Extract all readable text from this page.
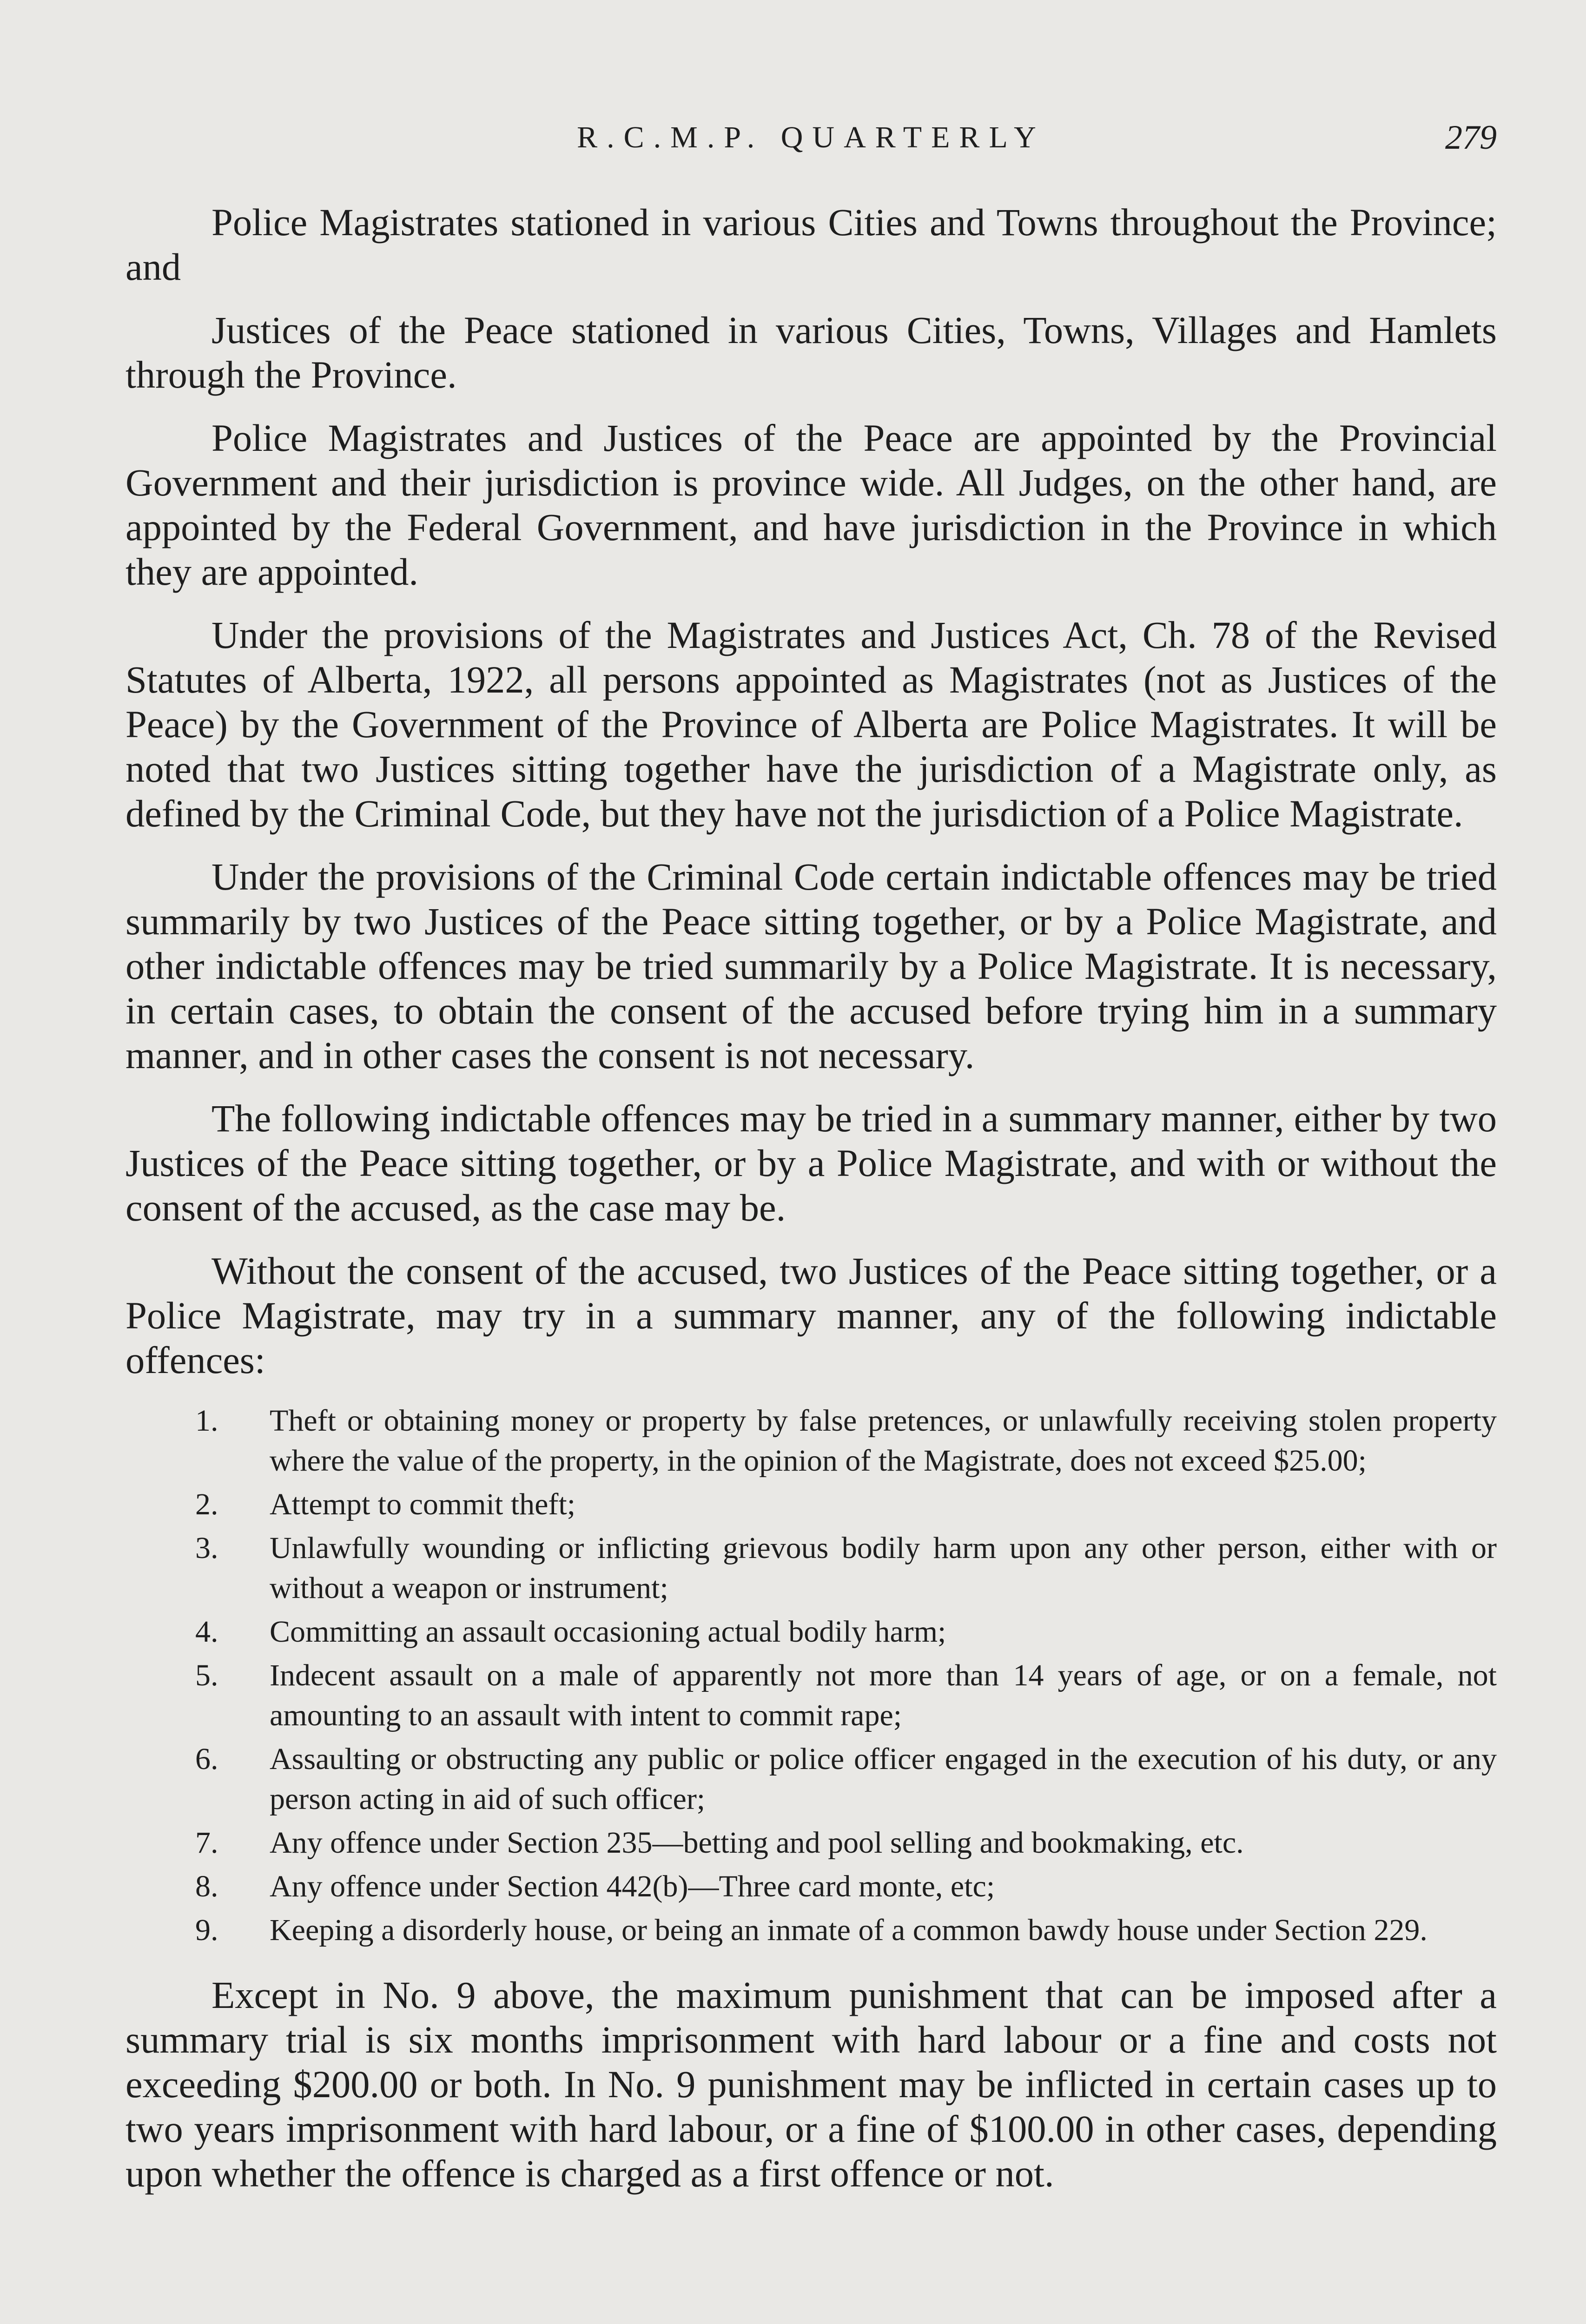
R.C.M.P. QUARTERLY	279

Police Magistrates stationed in various Cities and Towns throughout the Province; and

Justices of the Peace stationed in various Cities, Towns, Villages and Hamlets through the Province.

Police Magistrates and Justices of the Peace are appointed by the Provincial Government and their jurisdiction is province wide. All Judges, on the other hand, are appointed by the Federal Government, and have jurisdiction in the Province in which they are appointed.

Under the provisions of the Magistrates and Justices Act, Ch. 78 of the Revised Statutes of Alberta, 1922, all persons appointed as Magistrates (not as Justices of the Peace) by the Government of the Province of Alberta are Police Magistrates. It will be noted that two Justices sitting together have the jurisdiction of a Magistrate only, as defined by the Criminal Code, but they have not the jurisdiction of a Police Magistrate.

Under the provisions of the Criminal Code certain indictable offences may be tried summarily by two Justices of the Peace sitting together, or by a Police Magistrate, and other indictable offences may be tried summarily by a Police Magistrate. It is necessary, in certain cases, to obtain the consent of the accused before trying him in a summary manner, and in other cases the consent is not necessary.

The following indictable offences may be tried in a summary manner, either by two Justices of the Peace sitting together, or by a Police Magistrate, and with or without the consent of the accused, as the case may be.

Without the consent of the accused, two Justices of the Peace sitting together, or a Police Magistrate, may try in a summary manner, any of the following indictable offences:

1. Theft or obtaining money or property by false pretences, or unlawfully receiving stolen property where the value of the property, in the opinion of the Magistrate, does not exceed $25.00;
2. Attempt to commit theft;
3. Unlawfully wounding or inflicting grievous bodily harm upon any other person, either with or without a weapon or instrument;
4. Committing an assault occasioning actual bodily harm;
5. Indecent assault on a male of apparently not more than 14 years of age, or on a female, not amounting to an assault with intent to commit rape;
6. Assaulting or obstructing any public or police officer engaged in the execution of his duty, or any person acting in aid of such officer;
7. Any offence under Section 235—betting and pool selling and bookmaking, etc.
8. Any offence under Section 442(b)—Three card monte, etc;
9. Keeping a disorderly house, or being an inmate of a common bawdy house under Section 229.

Except in No. 9 above, the maximum punishment that can be imposed after a summary trial is six months imprisonment with hard labour or a fine and costs not exceeding $200.00 or both. In No. 9 punishment may be inflicted in certain cases up to two years imprisonment with hard labour, or a fine of $100.00 in other cases, depending upon whether the offence is charged as a first offence or not.
